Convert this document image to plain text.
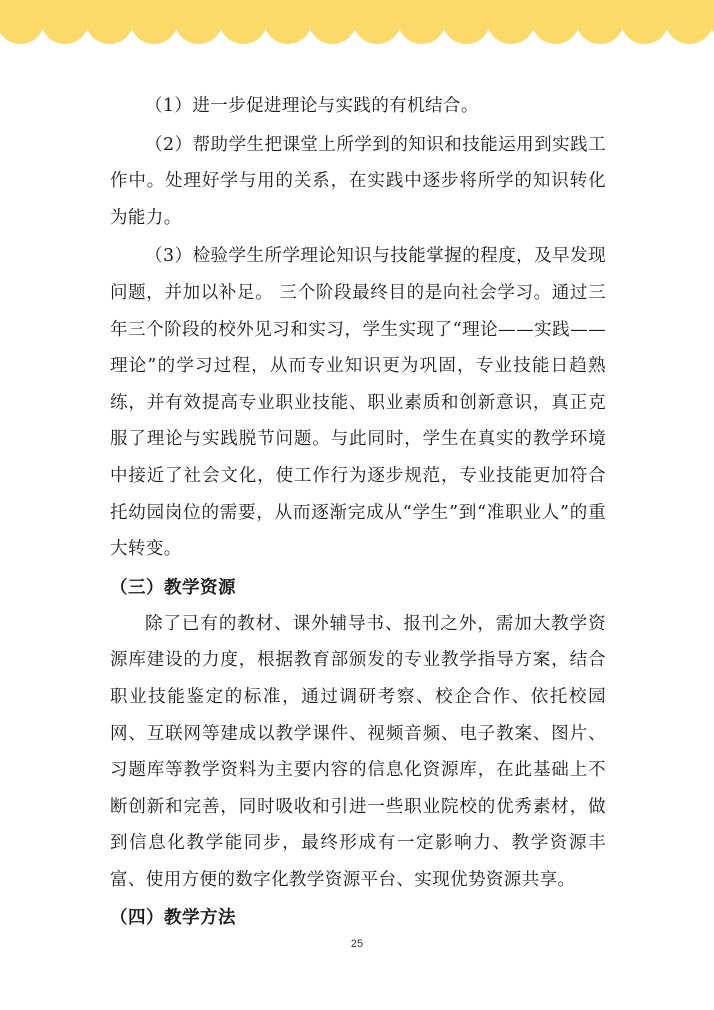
（1）进一步促进理论与实践的有机结合。

（2）帮助学生把课堂上所学到的知识和技能运用到实践工作中。处理好学与用的关系，在实践中逐步将所学的知识转化为能力。

（3）检验学生所学理论知识与技能掌握的程度，及早发现问题，并加以补足。 三个阶段最终目的是向社会学习。通过三年三个阶段的校外见习和实习，学生实现了“理论——实践——理论”的学习过程，从而专业知识更为巩固，专业技能日趋熟练，并有效提高专业职业技能、职业素质和创新意识，真正克服了理论与实践脱节问题。与此同时，学生在真实的教学环境中接近了社会文化，使工作行为逐步规范，专业技能更加符合托幼园岗位的需要，从而逐渐完成从“学生”到“准职业人”的重大转变。

（三）教学资源

除了已有的教材、课外辅导书、报刊之外，需加大教学资源库建设的力度，根据教育部颁发的专业教学指导方案，结合职业技能鉴定的标准，通过调研考察、校企合作、依托校园网、互联网等建成以教学课件、视频音频、电子教案、图片、习题库等教学资料为主要内容的信息化资源库，在此基础上不断创新和完善，同时吸收和引进一些职业院校的优秀素材，做到信息化教学能同步，最终形成有一定影响力、教学资源丰富、使用方便的数字化教学资源平台、实现优势资源共享。

（四）教学方法
25
